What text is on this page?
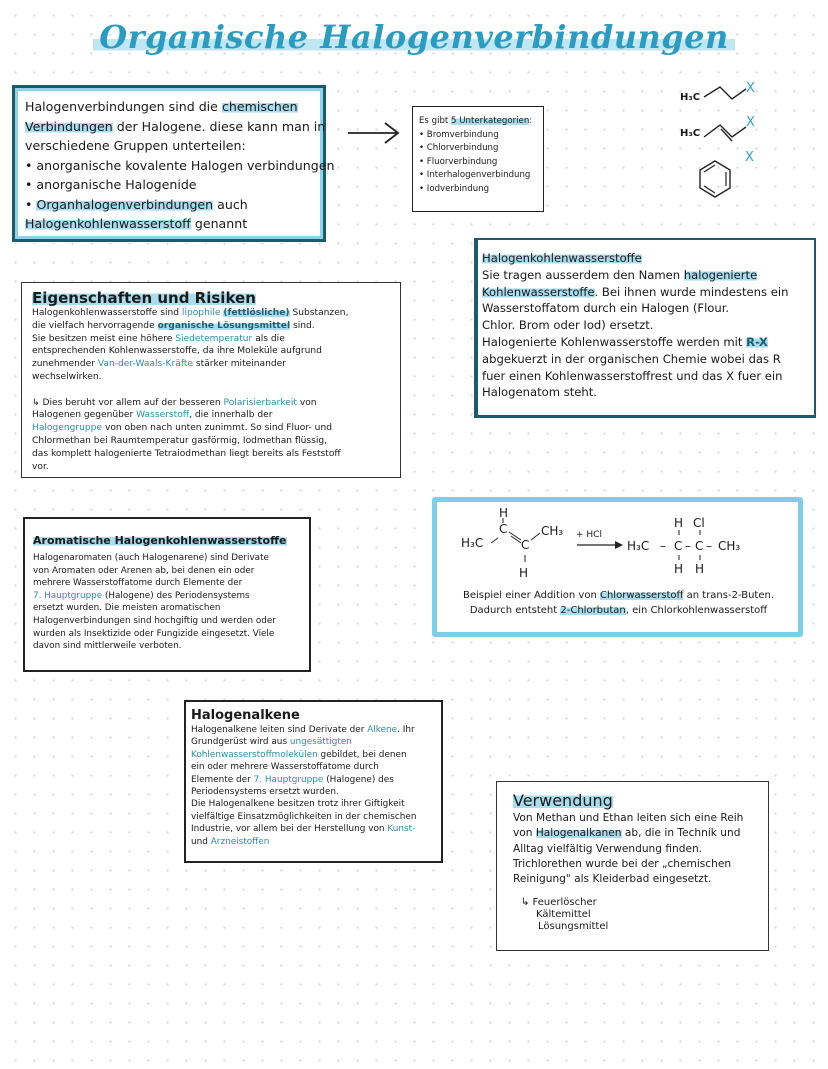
Organische Halogenverbindungen
Halogenverbindungen sind die chemischen
Verbindungen der Halogene. diese kann man in
verschiedene Gruppen unterteilen:
• anorganische kovalente Halogen verbindungen
• anorganische Halogenide
• Organhalogenverbindungen auch
Halogenkohlenwasserstoff genannt
Es gibt 5 Unterkategorien:
• Bromverbindung
• Chlorverbindung
• Fluorverbindung
• Interhalogenverbindung
• Iodverbindung
H₃C
X
H₃C
X
X
Halogenkohlenwasserstoffe
Sie tragen ausserdem den Namen halogenierte
Kohlenwasserstoffe. Bei ihnen wurde mindestens ein
Wasserstoffatom durch ein Halogen (Flour.
Chlor. Brom oder Iod) ersetzt.
Halogenierte Kohlenwasserstoffe werden mit R-X
abgekuerzt in der organischen Chemie wobei das R
fuer einen Kohlenwasserstoffrest und das X fuer ein
Halogenatom steht.
Eigenschaften und Risiken
Halogenkohlenwasserstoffe sind lipophile (fettlösliche) Substanzen,
die vielfach hervorragende organische Lösungsmittel sind.
Sie besitzen meist eine höhere Siedetemperatur als die
entsprechenden Kohlenwasserstoffe, da ihre Moleküle aufgrund
zunehmender Van-der-Waals-Kräfte stärker miteinander
wechselwirken.

↳ Dies beruht vor allem auf der besseren Polarisierbarkeit von
Halogenen gegenüber Wasserstoff, die innerhalb der
Halogengruppe von oben nach unten zunimmt. So sind Fluor- und
Chlormethan bei Raumtemperatur gasförmig, Iodmethan flüssig,
das komplett halogenierte Tetraiodmethan liegt bereits als Feststoff
vor.
Aromatische Halogenkohlenwasserstoffe
Halogenaromaten (auch Halogenarene) sind Derivate
von Aromaten oder Arenen ab, bei denen ein oder
mehrere Wasserstoffatome durch Elemente der
7. Hauptgruppe (Halogene) des Periodensystems
ersetzt wurden. Die meisten aromatischen
Halogenverbindungen sind hochgiftig und werden oder
wurden als Insektizide oder Fungizide eingesetzt. Viele
davon sind mittlerweile verboten.
H
C
H₃C	C
CH₃
H
+ HCl
H₃C – C – C – CH₃
H Cl
H H
Beispiel einer Addition von Chlorwasserstoff an trans-2-Buten.
Dadurch entsteht 2-Chlorbutan, ein Chlorkohlenwasserstoff
Halogenalkene
Halogenalkene leiten sind Derivate der Alkene. Ihr
Grundgerüst wird aus ungesättigten
Kohlenwasserstoffmolekülen gebildet, bei denen
ein oder mehrere Wasserstoffatome durch
Elemente der 7. Hauptgruppe (Halogene) des
Periodensystems ersetzt wurden.
Die Halogenalkene besitzen trotz ihrer Giftigkeit
vielfältige Einsatzmöglichkeiten in der chemischen
Industrie, vor allem bei der Herstellung von Kunst-
und Arzneistoffen
Verwendung
Von Methan und Ethan leiten sich eine Reih
von Halogenalkanen ab, die in Technik und
Alltag vielfältig Verwendung finden.
Trichlorethen wurde bei der „chemischen
Reinigung" als Kleiderbad eingesetzt.
↳ Feuerlöscher
Kältemittel
Lösungsmittel
